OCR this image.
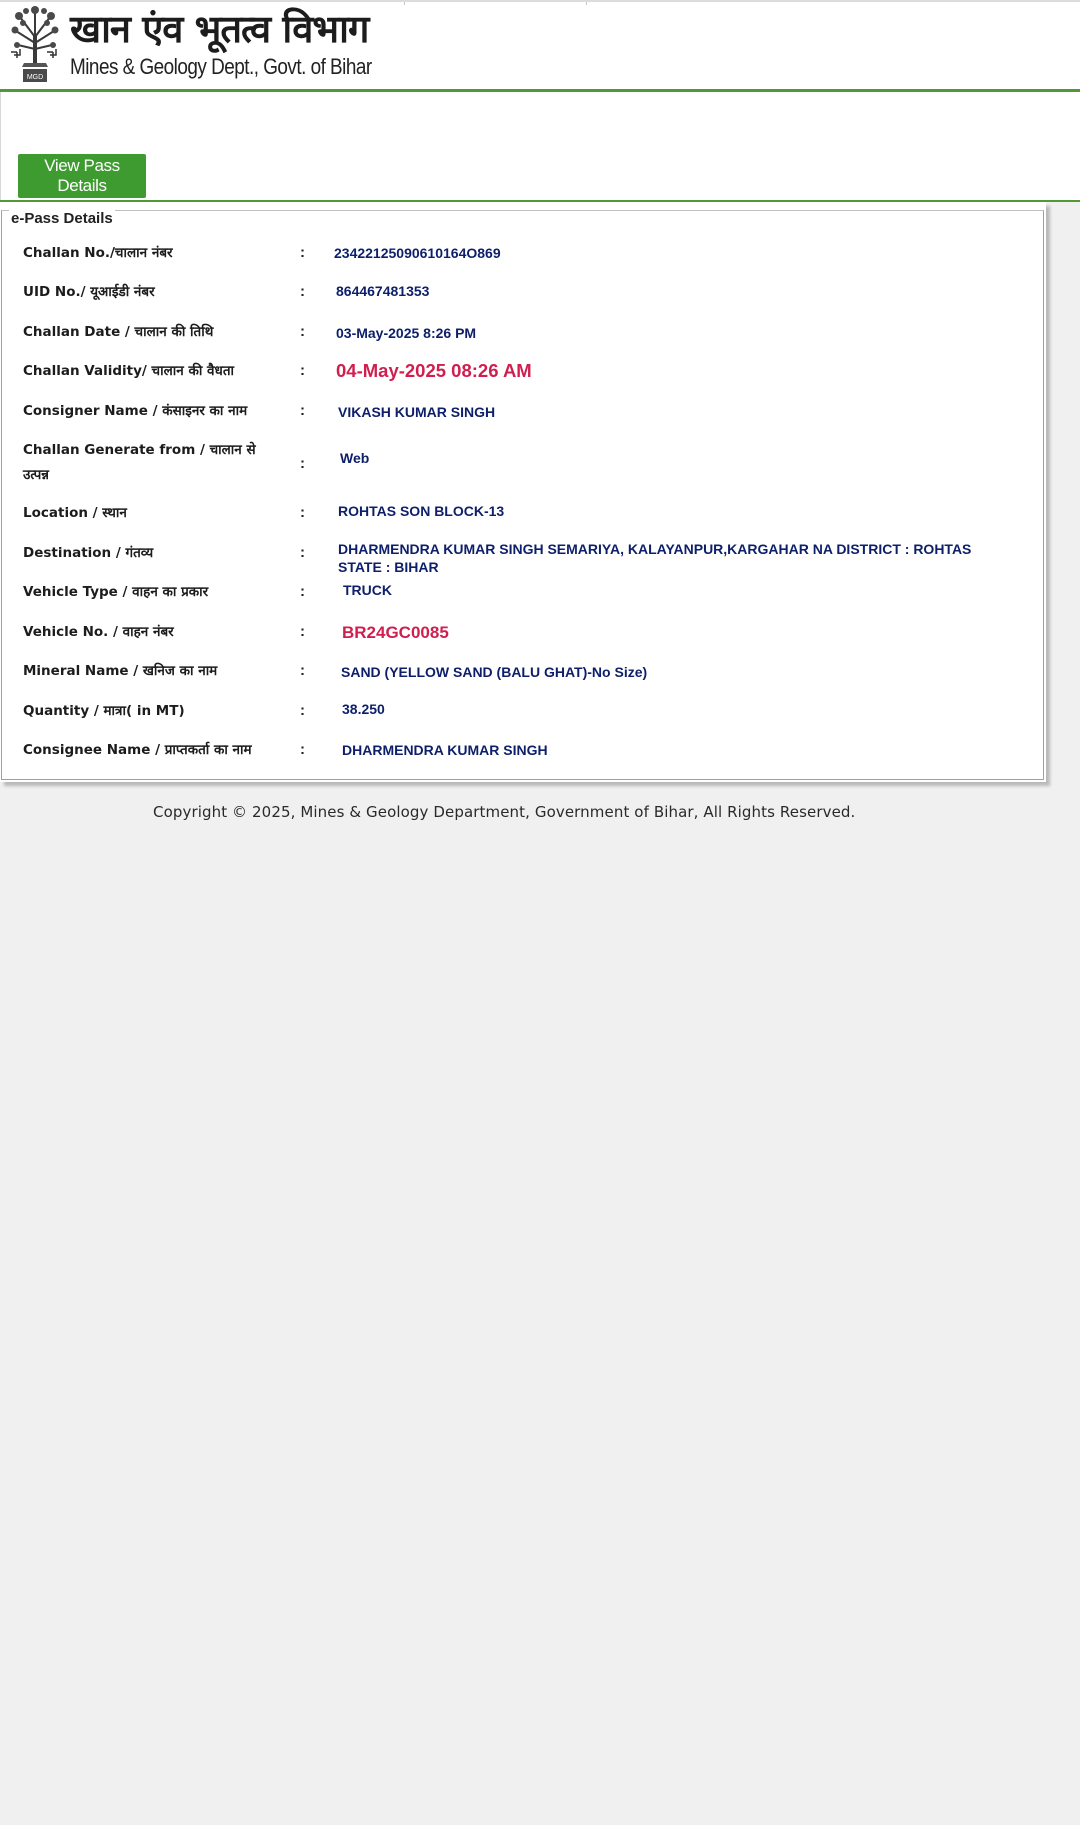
MGD
खान एंव भूतत्व विभाग
Mines & Geology Dept., Govt. of Bihar
View Pass Details
e-Pass Details
Challan No./चालान नंबर	: 23422125090610164O869
UID No./ यूआईडी नंबर	: 864467481353
Challan Date / चालान की तिथि	: 03-May-2025 8:26 PM
Challan Validity/ चालान की वैधता	: 04-May-2025 08:26 AM
Consigner Name / कंसाइनर का नाम	: VIKASH KUMAR SINGH
Challan Generate from / चालान से उत्पन्न
:	Web
Location / स्थान	: ROHTAS SON BLOCK-13
Destination / गंतव्य	: DHARMENDRA KUMAR SINGH SEMARIYA, KALAYANPUR,KARGAHAR NA DISTRICT : ROHTAS STATE : BIHAR
Vehicle Type / वाहन का प्रकार	:	TRUCK
Vehicle No. / वाहन नंबर	: BR24GC0085
Mineral Name / खनिज का नाम	:	SAND (YELLOW SAND (BALU GHAT)-No Size)
Quantity / मात्रा( in MT)	:	38.250
Consignee Name / प्राप्तकर्ता का नाम	:	DHARMENDRA KUMAR SINGH
Copyright © 2025, Mines & Geology Department, Government of Bihar, All Rights Reserved.
